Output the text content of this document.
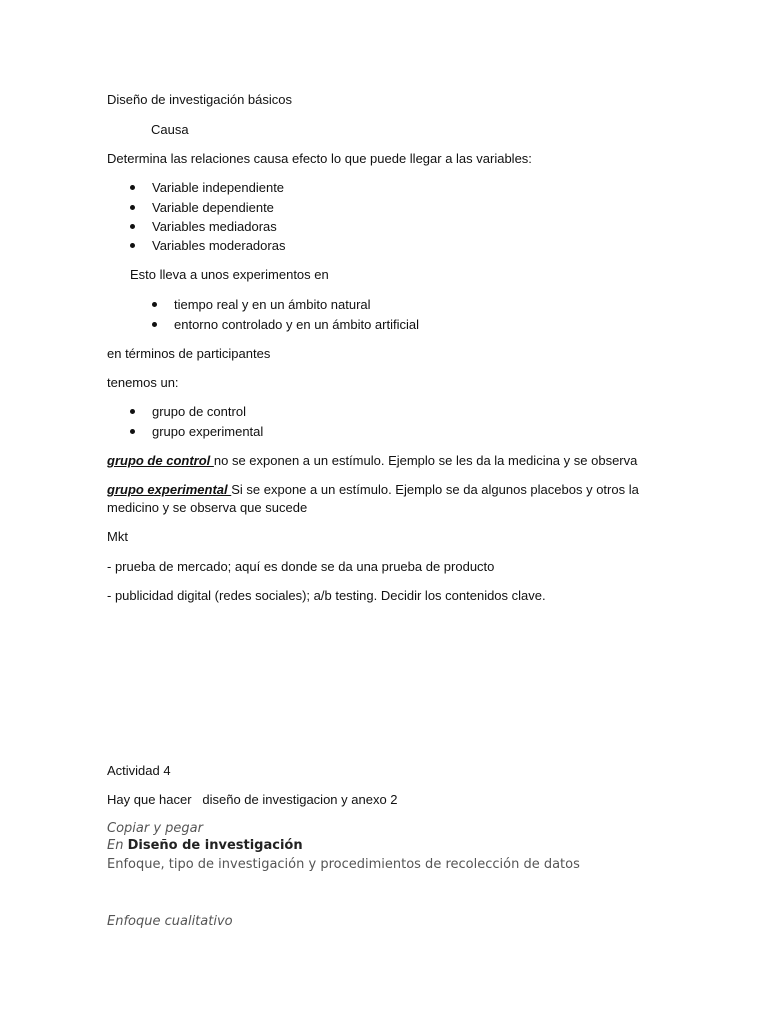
Diseño de investigación básicos
Causa
Determina las relaciones causa efecto lo que puede llegar a las variables:
Variable independiente
Variable dependiente
Variables mediadoras
Variables moderadoras
Esto lleva a unos experimentos en
tiempo real y en un ámbito natural
entorno controlado y en un ámbito artificial
en términos de participantes
tenemos un:
grupo de control
grupo experimental
grupo de control no se exponen a un estímulo. Ejemplo se les da la medicina y se observa
grupo experimental Si se expone a un estímulo. Ejemplo se da algunos placebos y otros la
medicino y se observa que sucede
Mkt
- prueba de mercado; aquí es donde se da una prueba de producto
- publicidad digital (redes sociales); a/b testing. Decidir los contenidos clave.
Actividad 4
Hay que hacer   diseño de investigacion y anexo 2
Copiar y pegar
En Diseño de investigación
Enfoque, tipo de investigación y procedimientos de recolección de datos
Enfoque cualitativo
